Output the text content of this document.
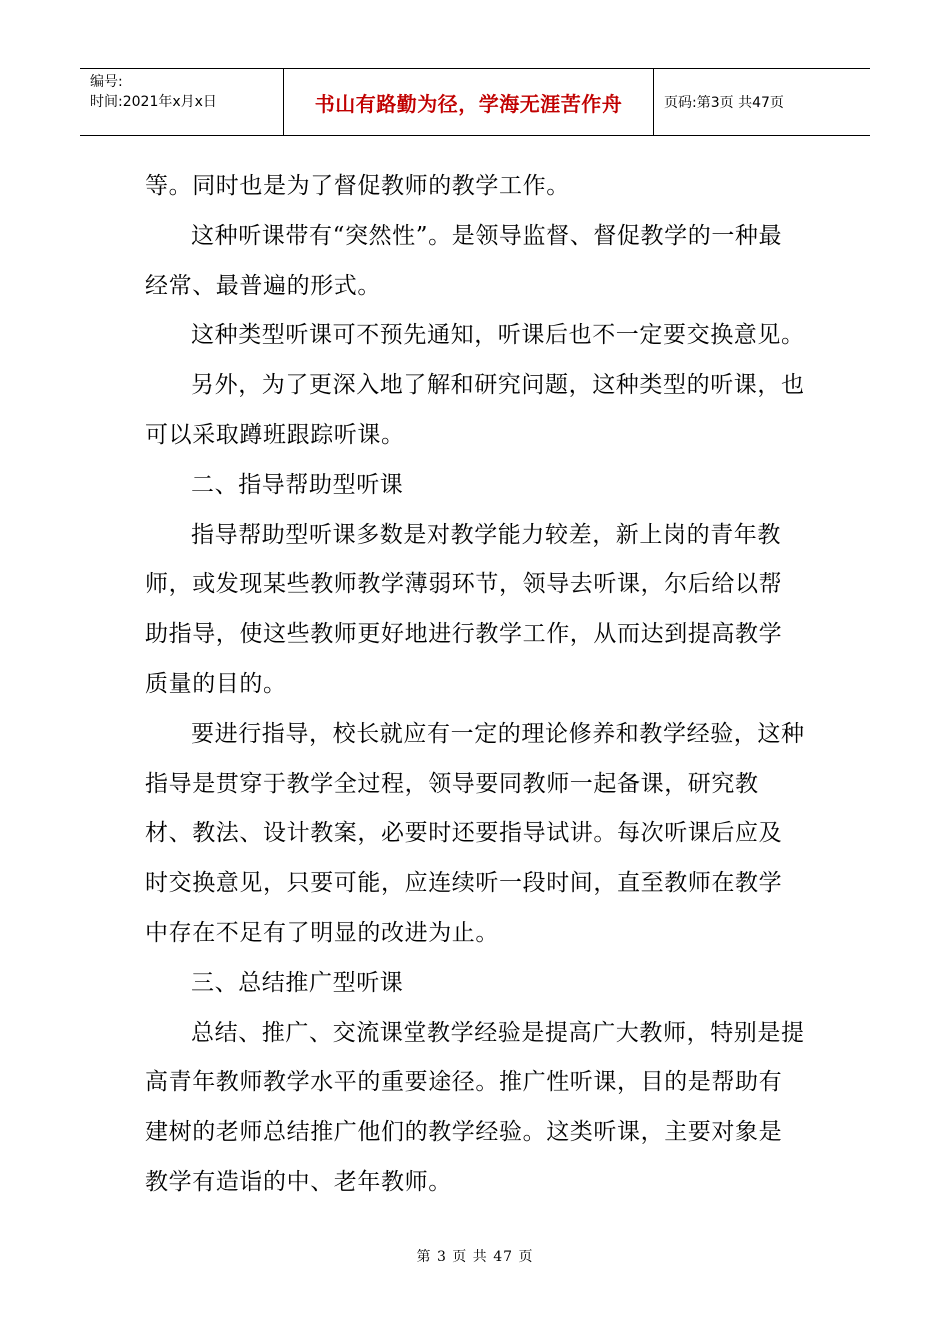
编号:
时间:2021年x月x日	书山有路勤为径，学海无涯苦作舟	页码:第3页 共47页

等。同时也是为了督促教师的教学工作。

这种听课带有“突然性”。是领导监督、督促教学的一种最经常、最普遍的形式。

这种类型听课可不预先通知，听课后也不一定要交换意见。

另外，为了更深入地了解和研究问题，这种类型的听课，也可以采取蹲班跟踪听课。

二、指导帮助型听课

指导帮助型听课多数是对教学能力较差，新上岗的青年教师，或发现某些教师教学薄弱环节，领导去听课，尔后给以帮助指导，使这些教师更好地进行教学工作，从而达到提高教学质量的目的。

要进行指导，校长就应有一定的理论修养和教学经验，这种指导是贯穿于教学全过程，领导要同教师一起备课，研究教材、教法、设计教案，必要时还要指导试讲。每次听课后应及时交换意见，只要可能，应连续听一段时间，直至教师在教学中存在不足有了明显的改进为止。

三、总结推广型听课

总结、推广、交流课堂教学经验是提高广大教师，特别是提高青年教师教学水平的重要途径。推广性听课，目的是帮助有建树的老师总结推广他们的教学经验。这类听课，主要对象是教学有造诣的中、老年教师。

第 3 页 共 47 页
